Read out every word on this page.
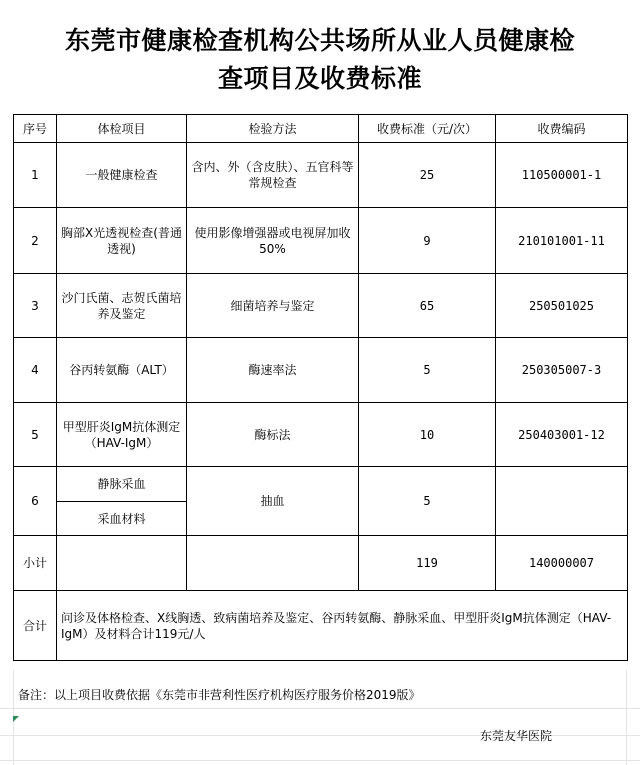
东莞市健康检查机构公共场所从业人员健康检
查项目及收费标准
序号	体检项目	检验方法	收费标准（元/次）	收费编码
1	一般健康检查	含内、外（含皮肤）、五官科等常规检查	25	110500001-1
2	胸部X光透视检查(普通透视)	使用影像增强器或电视屏加收50%	9	210101001-11
3	沙门氏菌、志贺氏菌培养及鉴定	细菌培养与鉴定	65	250501025
4	谷丙转氨酶（ALT）	酶速率法	5	250305007-3
5	甲型肝炎IgM抗体测定（HAV-IgM）	酶标法	10	250403001-12
6	静脉采血	抽血	5	
	采血材料			
小计			119	140000007
合计	问诊及体格检查、X线胸透、致病菌培养及鉴定、谷丙转氨酶、静脉采血、甲型肝炎IgM抗体测定（HAV-IgM）及材料合计119元/人			
备注：以上项目收费依据《东莞市非营利性医疗机构医疗服务价格2019版》
东莞友华医院
